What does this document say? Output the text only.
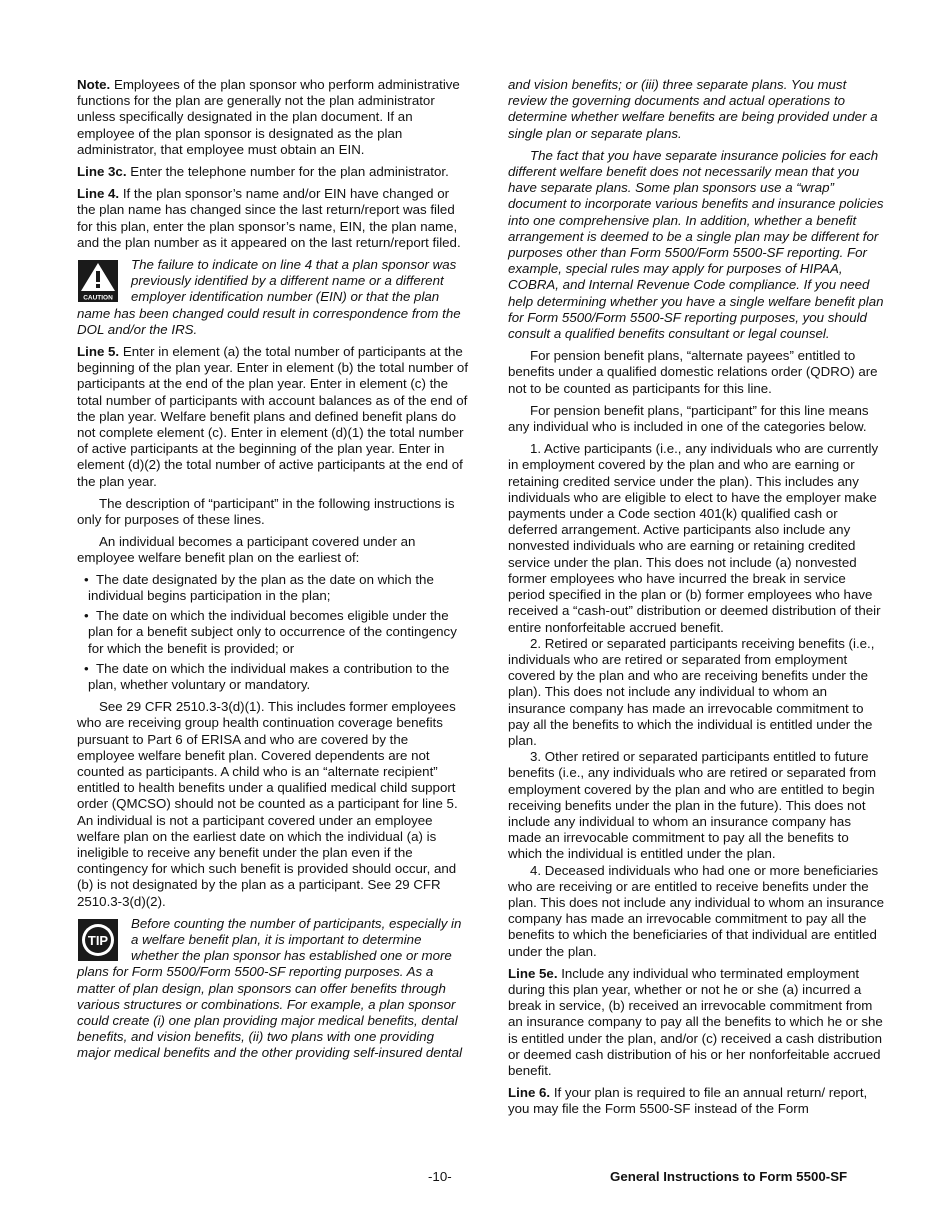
Note. Employees of the plan sponsor who perform administrative functions for the plan are generally not the plan administrator unless specifically designated in the plan document. If an employee of the plan sponsor is designated as the plan administrator, that employee must obtain an EIN.

Line 3c. Enter the telephone number for the plan administrator.

Line 4. If the plan sponsor’s name and/or EIN have changed or the plan name has changed since the last return/report was filed for this plan, enter the plan sponsor’s name, EIN, the plan name, and the plan number as it appeared on the last return/report filed.

CAUTION
The failure to indicate on line 4 that a plan sponsor was previously identified by a different name or a different employer identification number (EIN) or that the plan name has been changed could result in correspondence from the DOL and/or the IRS.

Line 5. Enter in element (a) the total number of participants at the beginning of the plan year. Enter in element (b) the total number of participants at the end of the plan year. Enter in element (c) the total number of participants with account balances as of the end of the plan year. Welfare benefit plans and defined benefit plans do not complete element (c). Enter in element (d)(1) the total number of active participants at the beginning of the plan year. Enter in element (d)(2) the total number of active participants at the end of the plan year.

The description of “participant” in the following instructions is only for purposes of these lines.

An individual becomes a participant covered under an employee welfare benefit plan on the earliest of:

• The date designated by the plan as the date on which the individual begins participation in the plan;
• The date on which the individual becomes eligible under the plan for a benefit subject only to occurrence of the contingency for which the benefit is provided; or
• The date on which the individual makes a contribution to the plan, whether voluntary or mandatory.

See 29 CFR 2510.3-3(d)(1). This includes former employees who are receiving group health continuation coverage benefits pursuant to Part 6 of ERISA and who are covered by the employee welfare benefit plan. Covered dependents are not counted as participants. A child who is an “alternate recipient” entitled to health benefits under a qualified medical child support order (QMCSO) should not be counted as a participant for line 5. An individual is not a participant covered under an employee welfare plan on the earliest date on which the individual (a) is ineligible to receive any benefit under the plan even if the contingency for which such benefit is provided should occur, and (b) is not designated by the plan as a participant. See 29 CFR 2510.3-3(d)(2).

TIP
Before counting the number of participants, especially in a welfare benefit plan, it is important to determine whether the plan sponsor has established one or more plans for Form 5500/Form 5500-SF reporting purposes. As a matter of plan design, plan sponsors can offer benefits through various structures or combinations. For example, a plan sponsor could create (i) one plan providing major medical benefits, dental benefits, and vision benefits, (ii) two plans with one providing major medical benefits and the other providing self-insured dental

and vision benefits; or (iii) three separate plans. You must review the governing documents and actual operations to determine whether welfare benefits are being provided under a single plan or separate plans.

The fact that you have separate insurance policies for each different welfare benefit does not necessarily mean that you have separate plans. Some plan sponsors use a “wrap” document to incorporate various benefits and insurance policies into one comprehensive plan. In addition, whether a benefit arrangement is deemed to be a single plan may be different for purposes other than Form 5500/Form 5500-SF reporting. For example, special rules may apply for purposes of HIPAA, COBRA, and Internal Revenue Code compliance. If you need help determining whether you have a single welfare benefit plan for Form 5500/Form 5500-SF reporting purposes, you should consult a qualified benefits consultant or legal counsel.

For pension benefit plans, “alternate payees” entitled to benefits under a qualified domestic relations order (QDRO) are not to be counted as participants for this line.

For pension benefit plans, “participant” for this line means any individual who is included in one of the categories below.

1. Active participants (i.e., any individuals who are currently in employment covered by the plan and who are earning or retaining credited service under the plan). This includes any individuals who are eligible to elect to have the employer make payments under a Code section 401(k) qualified cash or deferred arrangement. Active participants also include any nonvested individuals who are earning or retaining credited service under the plan. This does not include (a) nonvested former employees who have incurred the break in service period specified in the plan or (b) former employees who have received a “cash-out” distribution or deemed distribution of their entire nonforfeitable accrued benefit.

2. Retired or separated participants receiving benefits (i.e., individuals who are retired or separated from employment covered by the plan and who are receiving benefits under the plan). This does not include any individual to whom an insurance company has made an irrevocable commitment to pay all the benefits to which the individual is entitled under the plan.

3. Other retired or separated participants entitled to future benefits (i.e., any individuals who are retired or separated from employment covered by the plan and who are entitled to begin receiving benefits under the plan in the future). This does not include any individual to whom an insurance company has made an irrevocable commitment to pay all the benefits to which the individual is entitled under the plan.

4. Deceased individuals who had one or more beneficiaries who are receiving or are entitled to receive benefits under the plan. This does not include any individual to whom an insurance company has made an irrevocable commitment to pay all the benefits to which the beneficiaries of that individual are entitled under the plan.

Line 5e. Include any individual who terminated employment during this plan year, whether or not he or she (a) incurred a break in service, (b) received an irrevocable commitment from an insurance company to pay all the benefits to which he or she is entitled under the plan, and/or (c) received a cash distribution or deemed cash distribution of his or her nonforfeitable accrued benefit.

Line 6. If your plan is required to file an annual return/ report, you may file the Form 5500-SF instead of the Form

-10-	General Instructions to Form 5500-SF
